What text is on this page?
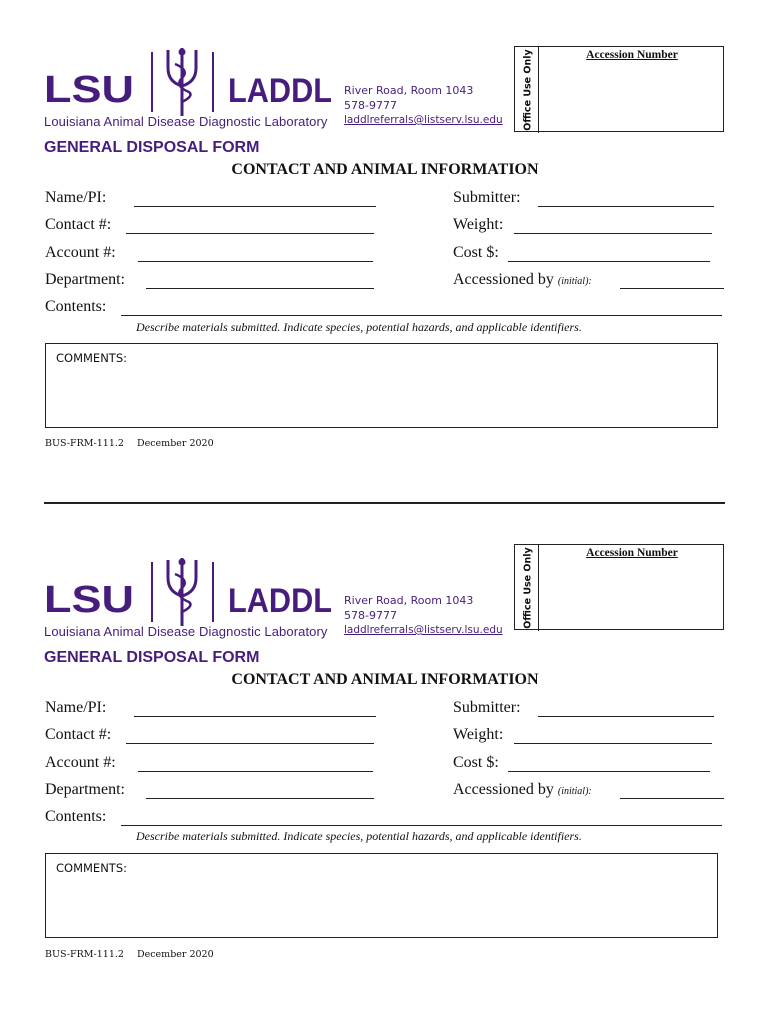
LSU	LADDL
Louisiana Animal Disease Diagnostic Laboratory
River Road, Room 1043
578-9777
laddlreferrals@listserv.lsu.edu Office Use Only	Accession Number
GENERAL DISPOSAL FORM
CONTACT AND ANIMAL INFORMATION
Name/PI:
Contact #:
Account #:
Department:
Submitter:
Weight:
Cost $:
Accessioned by (initial):
Contents:
Describe materials submitted. Indicate species, potential hazards, and applicable identifiers.
COMMENTS:
BUS-FRM-111.2 December 2020
LSU	LADDL
Louisiana Animal Disease Diagnostic Laboratory
River Road, Room 1043
578-9777
laddlreferrals@listserv.lsu.edu
Office Use Only	Accession Number
GENERAL DISPOSAL FORM
CONTACT AND ANIMAL INFORMATION
Name/PI:
Contact #:
Account #:
Department:
Submitter:
Weight:
Cost $:
Accessioned by (initial):
Contents:
Describe materials submitted. Indicate species, potential hazards, and applicable identifiers.
COMMENTS:
BUS-FRM-111.2 December 2020
